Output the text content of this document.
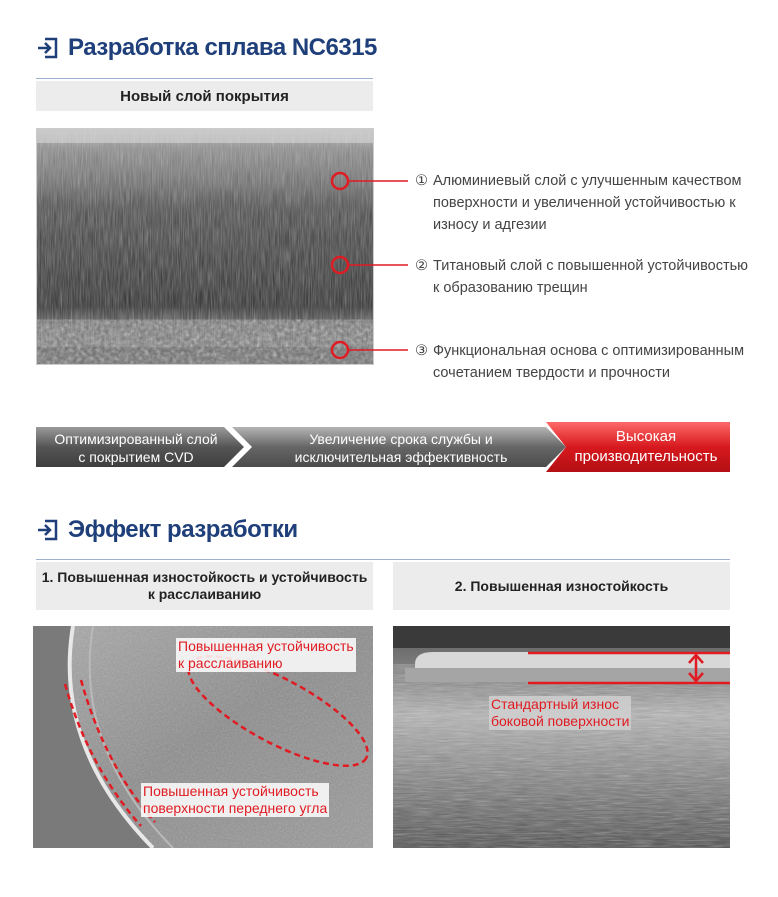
Разработка сплава NC6315
Новый слой покрытия
① Алюминиевый слой с улучшенным качеством
поверхности и увеличенной устойчивостью к
износу и адгезии
② Титановый слой с повышенной устойчивостью
к образованию трещин
③ Функциональная основа с оптимизированным
сочетанием твердости и прочности
Оптимизированный слой
с покрытием CVD
Увеличение срока службы и
исключительная эффективность
Высокая
производительность
Эффект разработки
1. Повышенная изностойкость и устойчивость
к расслаиванию	2. Повышенная изностойкость
Повышенная устойчивость
к расслаиванию
Повышенная устойчивость
поверхности переднего угла
Стандартный износ
боковой поверхности
